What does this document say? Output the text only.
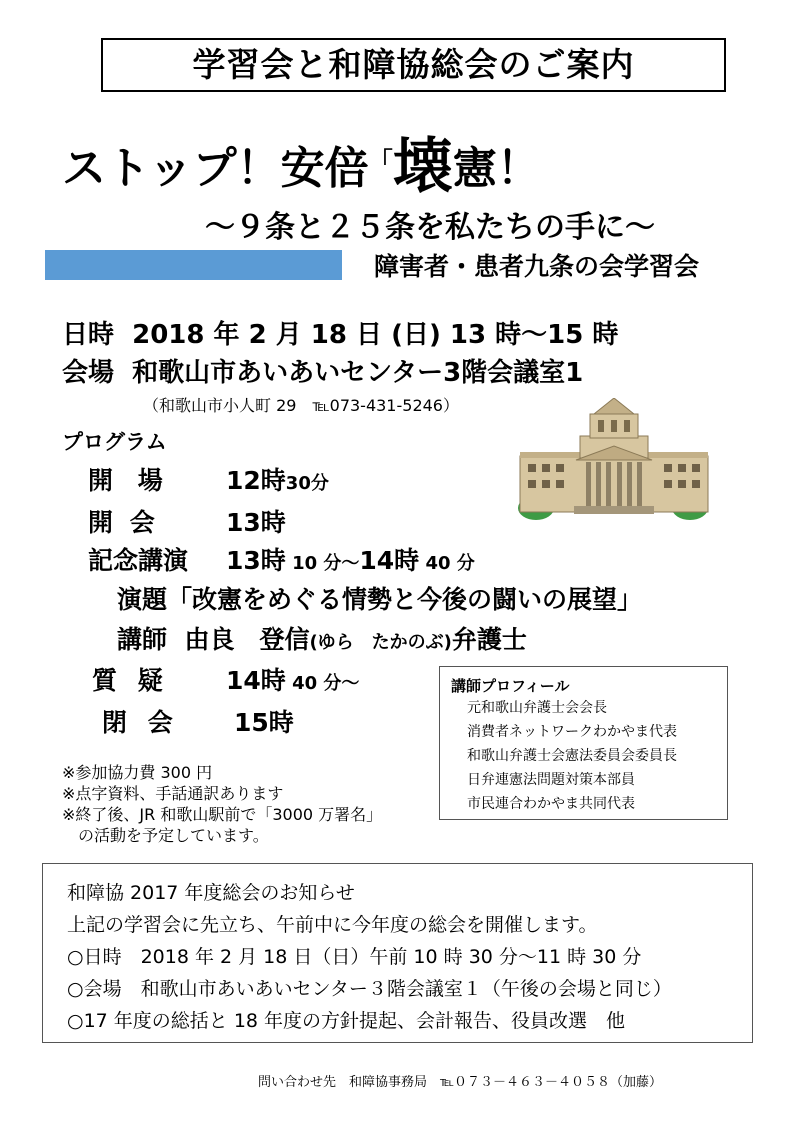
学習会と和障協総会のご案内
ストップ！安倍「壊憲！
～９条と２５条を私たちの手に～
障害者・患者九条の会学習会
日時 2018 年 2 月 18 日 (日) 13 時～15 時
会場 和歌山市あいあいセンター3階会議室1
（和歌山市小人町 29　℡073-431-5246）
プログラム
開 場 12時30分
開 会	13時
記念講演 13時 10 分～14時 40 分
演題「改憲をめぐる情勢と今後の闘いの展望」
講師 由良　登信(ゆら　たかのぶ)弁護士
質 疑 14時 40 分～
閉 会 15時
※参加協力費 300 円
※点字資料、手話通訳あります
※終了後、JR 和歌山駅前で「3000 万署名」
　の活動を予定しています。
講師プロフィール
元和歌山弁護士会会長
消費者ネットワークわかやま代表
和歌山弁護士会憲法委員会委員長
日弁連憲法問題対策本部員
市民連合わかやま共同代表
和障協 2017 年度総会のお知らせ
上記の学習会に先立ち、午前中に今年度の総会を開催します。
○日時　2018 年 2 月 18 日（日）午前 10 時 30 分～11 時 30 分
○会場　和歌山市あいあいセンター３階会議室１（午後の会場と同じ）
○17 年度の総括と 18 年度の方針提起、会計報告、役員改選　他
問い合わせ先　和障協事務局　℡０７３－４６３－４０５８（加藤）
